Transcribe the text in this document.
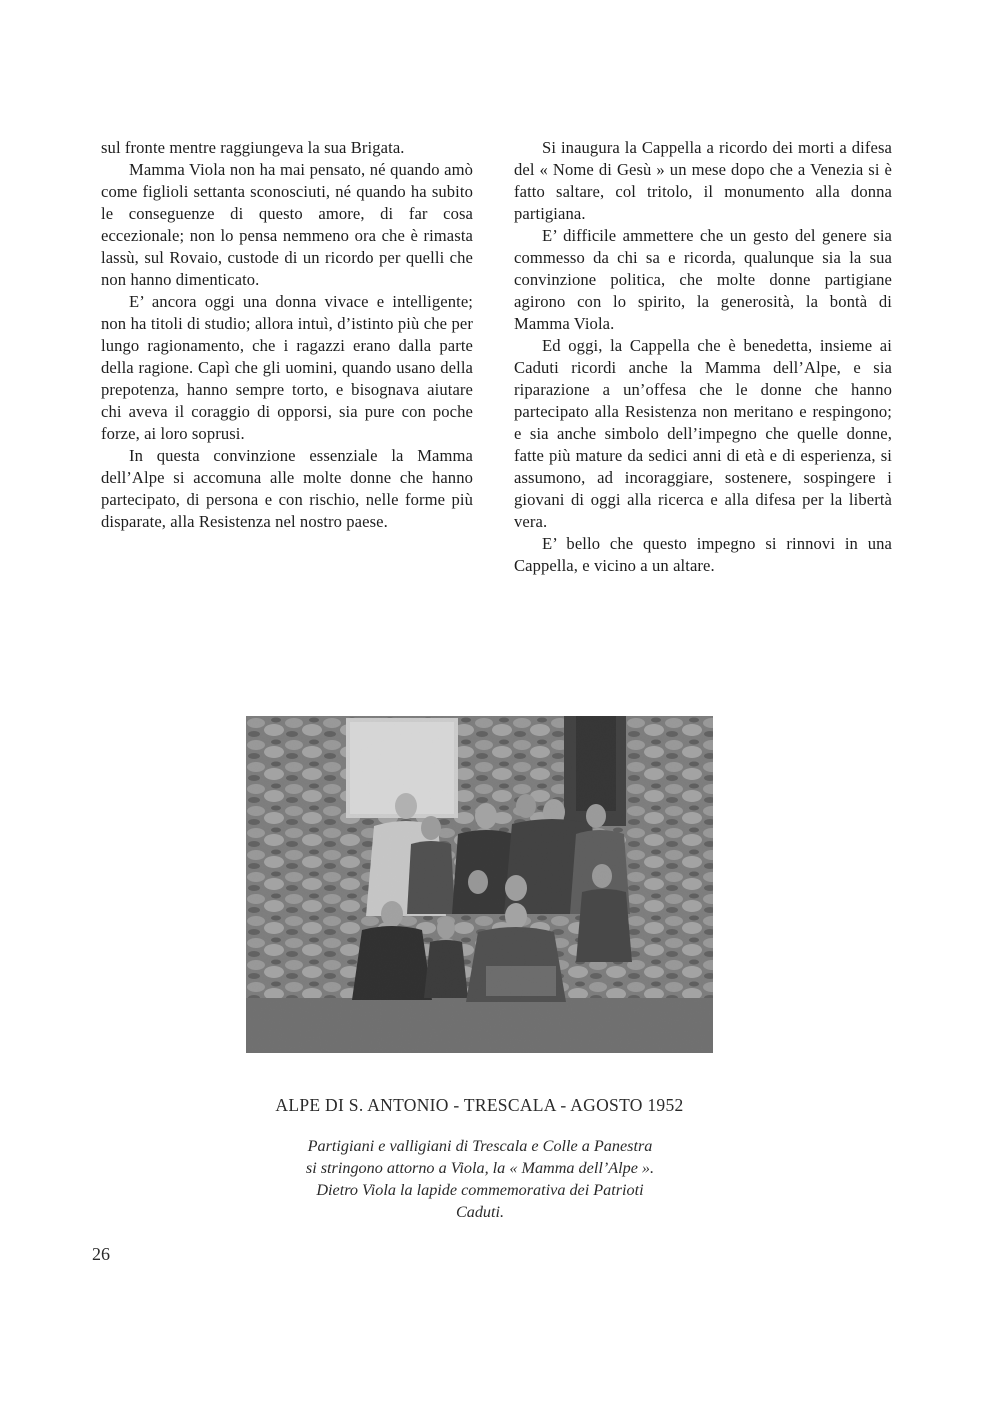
sul fronte mentre raggiungeva la sua Brigata.

Mamma Viola non ha mai pensato, né quando amò come figlioli settanta sconosciuti, né quando ha subito le conseguenze di questo amore, di far cosa eccezionale; non lo pensa nemmeno ora che è rimasta lassù, sul Rovaio, custode di un ricordo per quelli che non hanno dimenticato.

E’ ancora oggi una donna vivace e intelligente; non ha titoli di studio; allora intuì, d’istinto più che per lungo ragionamento, che i ragazzi erano dalla parte della ragione. Capì che gli uomini, quando usano della prepotenza, hanno sempre torto, e bisognava aiutare chi aveva il coraggio di opporsi, sia pure con poche forze, ai loro soprusi.

In questa convinzione essenziale la Mamma dell’Alpe si accomuna alle molte donne che hanno partecipato, di persona e con rischio, nelle forme più disparate, alla Resistenza nel nostro paese.

Si inaugura la Cappella a ricordo dei morti a difesa del « Nome di Gesù » un mese dopo che a Venezia si è fatto saltare, col tritolo, il monumento alla donna partigiana.

E’ difficile ammettere che un gesto del genere sia commesso da chi sa e ricorda, qualunque sia la sua convinzione politica, che molte donne partigiane agirono con lo spirito, la generosità, la bontà di Mamma Viola.

Ed oggi, la Cappella che è benedetta, insieme ai Caduti ricordi anche la Mamma dell’Alpe, e sia riparazione a un’offesa che le donne che hanno partecipato alla Resistenza non meritano e respingono; e sia anche simbolo dell’impegno che quelle donne, fatte più mature da sedici anni di età e di esperienza, si assumono, ad incoraggiare, sostenere, sospingere i giovani di oggi alla ricerca e alla difesa per la libertà vera.

E’ bello che questo impegno si rinnovi in una Cappella, e vicino a un altare.

ALPE DI S. ANTONIO - TRESCALA - AGOSTO 1952

Partigiani e valligiani di Trescala e Colle a Panestra

si stringono attorno a Viola, la « Mamma dell’Alpe ».

Dietro Viola la lapide commemorativa dei Patrioti

Caduti.

26
